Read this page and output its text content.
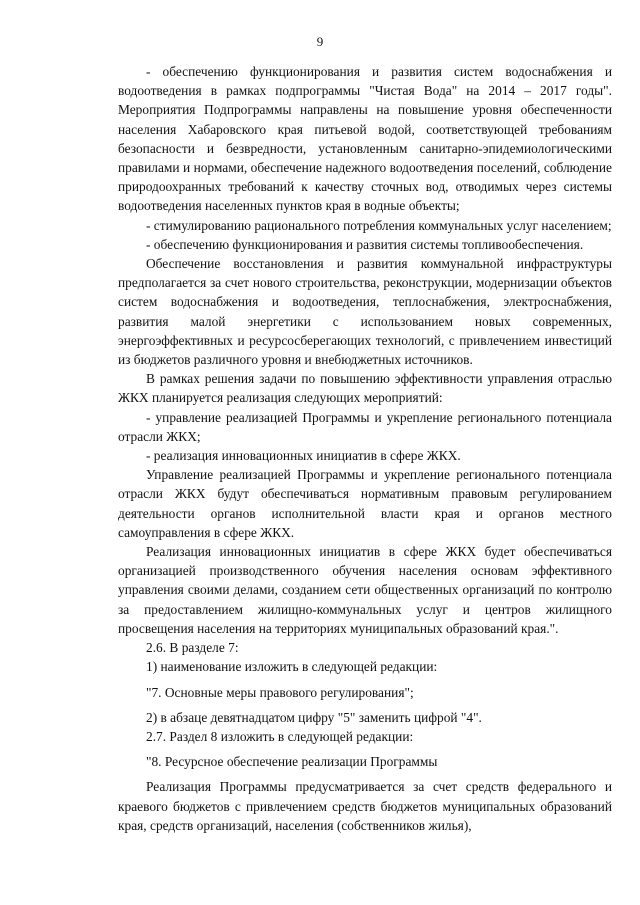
9

- обеспечению функционирования и развития систем водоснабжения и водоотведения в рамках подпрограммы "Чистая Вода" на 2014 – 2017 годы". Мероприятия Подпрограммы направлены на повышение уровня обеспеченности населения Хабаровского края питьевой водой, соответствующей требованиям безопасности и безвредности, установленным санитарно-эпидемиологическими правилами и нормами, обеспечение надежного водоотведения поселений, соблюдение природоохранных требований к качеству сточных вод, отводимых через системы водоотведения населенных пунктов края в водные объекты;

- стимулированию рационального потребления коммунальных услуг населением;

- обеспечению функционирования и развития системы топливообеспечения.

Обеспечение восстановления и развития коммунальной инфраструктуры предполагается за счет нового строительства, реконструкции, модернизации объектов систем водоснабжения и водоотведения, теплоснабжения, электроснабжения, развития малой энергетики с использованием новых современных, энергоэффективных и ресурсосберегающих технологий, с привлечением инвестиций из бюджетов различного уровня и внебюджетных источников.

В рамках решения задачи по повышению эффективности управления отраслью ЖКХ планируется реализация следующих мероприятий:

- управление реализацией Программы и укрепление регионального потенциала отрасли ЖКХ;

- реализация инновационных инициатив в сфере ЖКХ.

Управление реализацией Программы и укрепление регионального потенциала отрасли ЖКХ будут обеспечиваться нормативным правовым регулированием деятельности органов исполнительной власти края и органов местного самоуправления в сфере ЖКХ.

Реализация инновационных инициатив в сфере ЖКХ будет обеспечиваться организацией производственного обучения населения основам эффективного управления своими делами, созданием сети общественных организаций по контролю за предоставлением жилищно-коммунальных услуг и центров жилищного просвещения населения на территориях муниципальных образований края.".

2.6. В разделе 7:

1) наименование изложить в следующей редакции:

"7. Основные меры правового регулирования";

2) в абзаце девятнадцатом цифру "5" заменить цифрой "4".

2.7. Раздел 8 изложить в следующей редакции:

"8. Ресурсное обеспечение реализации Программы

Реализация Программы предусматривается за счет средств федерального и краевого бюджетов с привлечением средств бюджетов муниципальных образований края, средств организаций, населения (собственников жилья),
